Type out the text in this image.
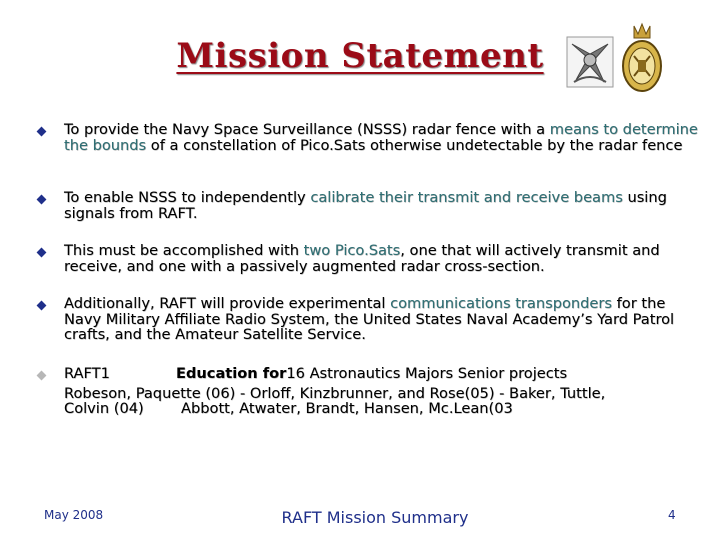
Mission Statement
To provide the Navy Space Surveillance (NSSS) radar fence with a means to determine the bounds of a constellation of Pico.Sats otherwise undetectable by the radar fence
To enable NSSS to independently calibrate their transmit and receive beams using signals from RAFT.
This must be accomplished with two Pico.Sats, one that will actively transmit and receive, and one with a passively augmented radar cross-section.
Additionally, RAFT will provide experimental communications transponders for the Navy Military Affiliate Radio System, the United States Naval Academy’s Yard Patrol crafts, and the Amateur Satellite Service.
RAFT1	Education for16 Astronautics Majors Senior projects
Robeson, Paquette (06) - Orloff, Kinzbrunner, and Rose(05) - Baker, Tuttle,
Colvin (04)	Abbott, Atwater, Brandt, Hansen, Mc.Lean(03
May 2008	RAFT Mission Summary	4
